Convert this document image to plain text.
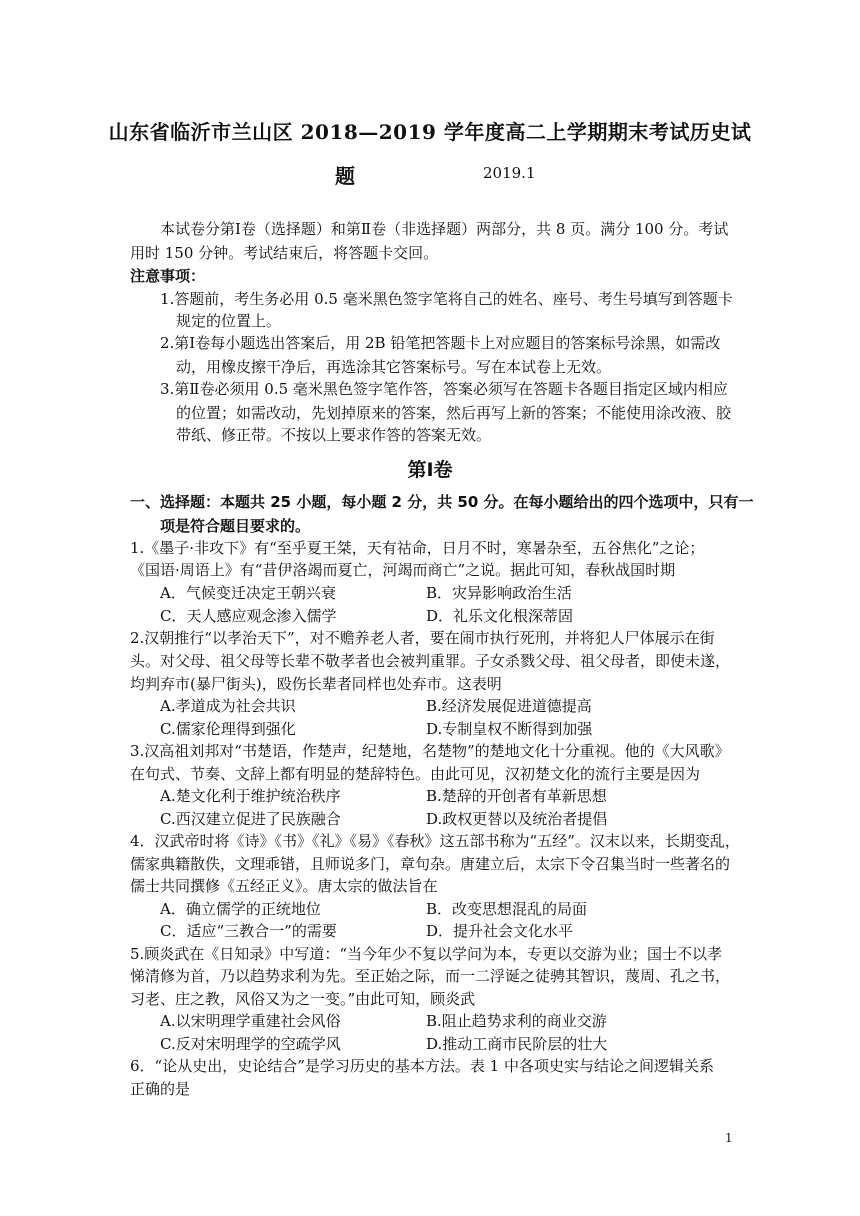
山东省临沂市兰山区 2018—2019 学年度高二上学期期末考试历史试
题	2019.1
本试卷分第Ⅰ卷（选择题）和第Ⅱ卷（非选择题）两部分，共 8 页。满分 100 分。考试
用时 150 分钟。考试结束后，将答题卡交回。
注意事项：
1.答题前，考生务必用 0.5 毫米黑色签字笔将自己的姓名、座号、考生号填写到答题卡
规定的位置上。
2.第Ⅰ卷每小题选出答案后，用 2B 铅笔把答题卡上对应题目的答案标号涂黑，如需改
动，用橡皮擦干净后，再选涂其它答案标号。写在本试卷上无效。
3.第Ⅱ卷必须用 0.5 毫米黑色签字笔作答，答案必须写在答题卡各题目指定区域内相应
的位置；如需改动，先划掉原来的答案，然后再写上新的答案；不能使用涂改液、胶
带纸、修正带。不按以上要求作答的答案无效。
第Ⅰ卷
一、选择题：本题共 25 小题，每小题 2 分，共 50 分。在每小题给出的四个选项中，只有一
项是符合题目要求的。
1.《墨子·非攻下》有“至乎夏王桀，天有祜命，日月不时，寒暑杂至，五谷焦化”之论；
《国语·周语上》有“昔伊洛竭而夏亡，河竭而商亡”之说。据此可知，春秋战国时期
A．气候变迁决定王朝兴衰	B．灾异影响政治生活
C．天人感应观念渗入儒学	D．礼乐文化根深蒂固
2.汉朝推行“以孝治天下”，对不赡养老人者，要在闹市执行死刑，并将犯人尸体展示在街
头。对父母、祖父母等长辈不敬孝者也会被判重罪。子女杀戮父母、祖父母者，即使未遂，
均判弃市(暴尸街头)，殴伤长辈者同样也处弃市。这表明
A.孝道成为社会共识	B.经济发展促进道德提高
C.儒家伦理得到强化	D.专制皇权不断得到加强
3.汉高祖刘邦对“书楚语，作楚声，纪楚地，名楚物”的楚地文化十分重视。他的《大风歌》
在句式、节奏、文辞上都有明显的楚辞特色。由此可见，汉初楚文化的流行主要是因为
A.楚文化利于维护统治秩序	B.楚辞的开创者有革新思想
C.西汉建立促进了民族融合	D.政权更替以及统治者提倡
4．汉武帝时将《诗》《书》《礼》《易》《春秋》这五部书称为“五经”。汉末以来，长期变乱，
儒家典籍散佚，文理乖错，且师说多门，章句杂。唐建立后，太宗下令召集当时一些著名的
儒士共同撰修《五经正义》。唐太宗的做法旨在
A．确立儒学的正统地位	B．改变思想混乱的局面
C．适应“三教合一”的需要	D．提升社会文化水平
5.顾炎武在《日知录》中写道：“当今年少不复以学问为本，专更以交游为业；国士不以孝
悌清修为首，乃以趋势求利为先。至正始之际，而一二浮诞之徒骋其智识，蔑周、孔之书，
习老、庄之教，风俗又为之一变。”由此可知，顾炎武
A.以宋明理学重建社会风俗	B.阻止趋势求利的商业交游
C.反对宋明理学的空疏学风	D.推动工商市民阶层的壮大
6．“论从史出，史论结合”是学习历史的基本方法。表 1 中各项史实与结论之间逻辑关系
正确的是
1
